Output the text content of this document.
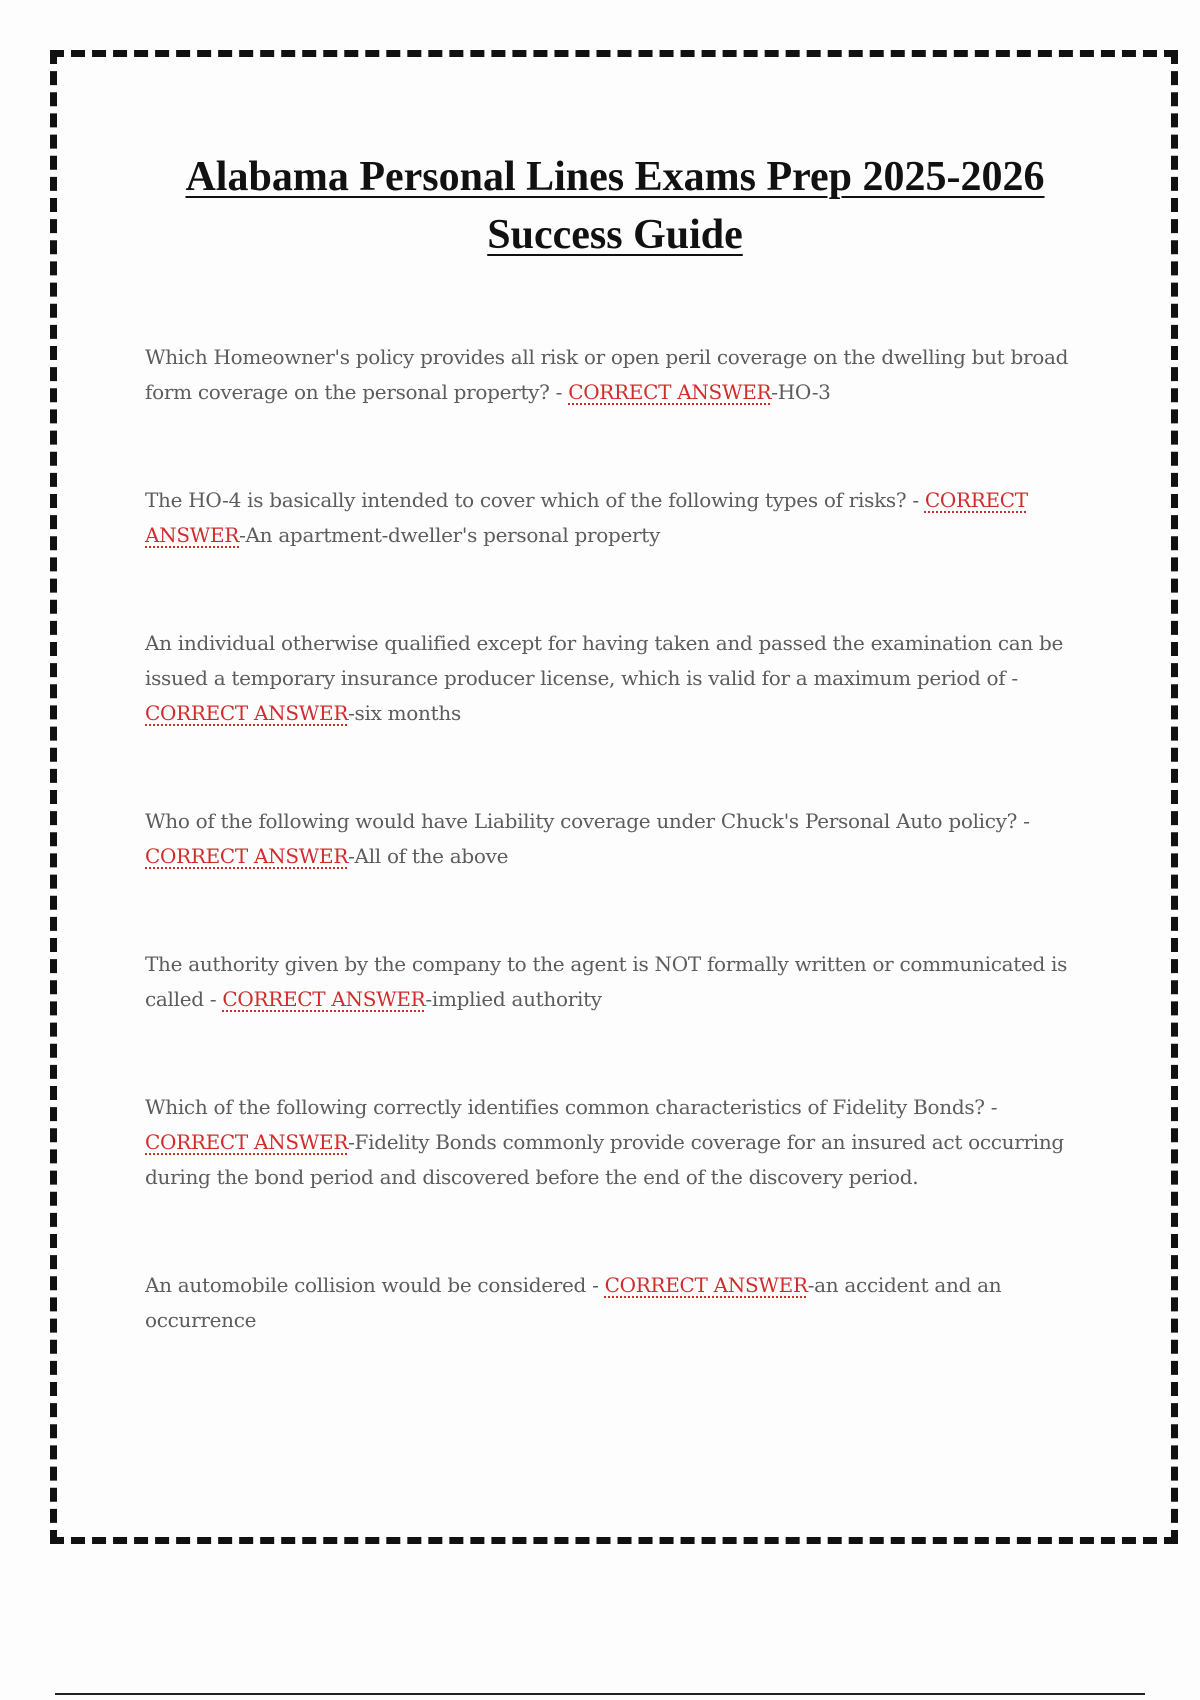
Alabama Personal Lines Exams Prep 2025-2026 Success Guide
Which Homeowner's policy provides all risk or open peril coverage on the dwelling but broad form coverage on the personal property? - CORRECT ANSWER-HO-3
The HO-4 is basically intended to cover which of the following types of risks? - CORRECT ANSWER-An apartment-dweller's personal property
An individual otherwise qualified except for having taken and passed the examination can be issued a temporary insurance producer license, which is valid for a maximum period of - CORRECT ANSWER-six months
Who of the following would have Liability coverage under Chuck's Personal Auto policy? - CORRECT ANSWER-All of the above
The authority given by the company to the agent is NOT formally written or communicated is called - CORRECT ANSWER-implied authority
Which of the following correctly identifies common characteristics of Fidelity Bonds? - CORRECT ANSWER-Fidelity Bonds commonly provide coverage for an insured act occurring during the bond period and discovered before the end of the discovery period.
An automobile collision would be considered - CORRECT ANSWER-an accident and an occurrence
